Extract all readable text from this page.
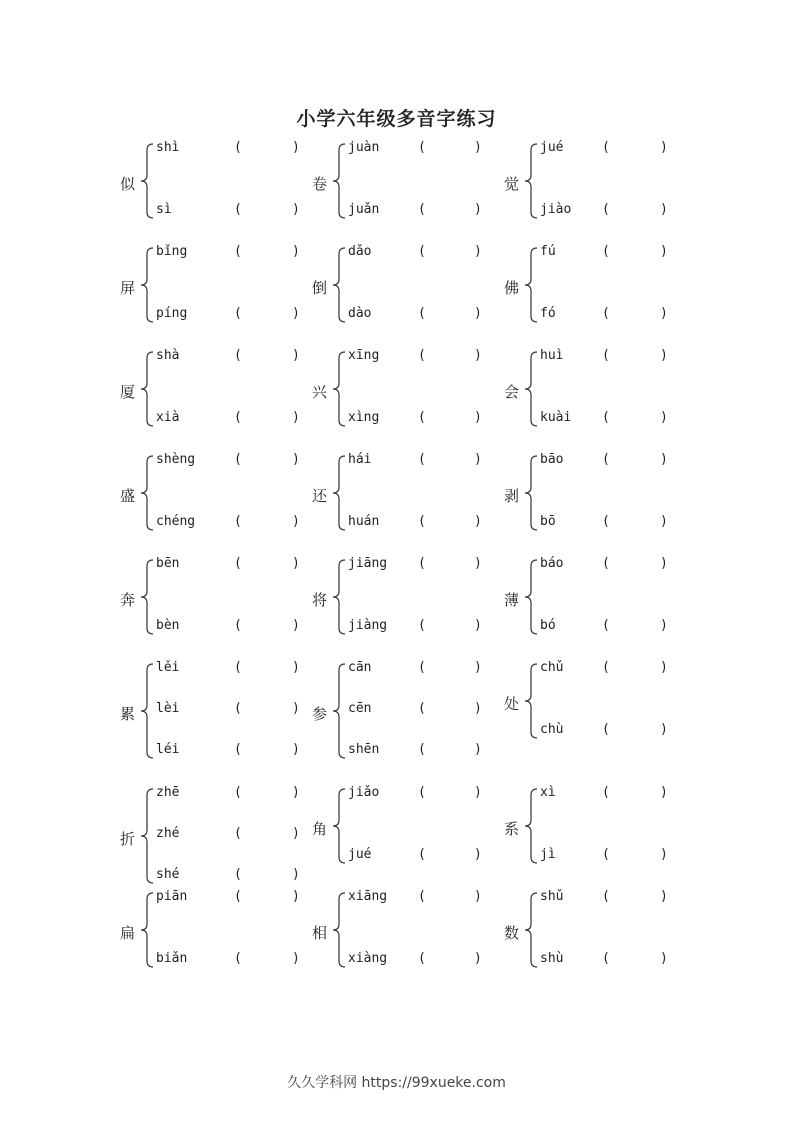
小学六年级多音字练习
似
shì	(	)
sì	(	)
卷
juàn	(	)
juǎn	(	)
觉
jué	(	)
jiào (	)
屏
bǐng	(	)
píng	(	)
倒
dǎo	(	)
dào	(	)
佛
fú	(	)
fó	(	)
厦
shà	(	)
xià	(	)
兴
xīng	(	)
xìng	(	)
会
huì	(	)
kuài (	)
盛
shèng	(	)
chéng	(	)
还
hái	(	)
huán	(	)
剥
bāo	(	)
bō	(	)
奔
bēn	(	)
bèn	(	)
将
jiāng (	)
jiàng (	)
薄
báo	(	)
bó	(	)
累
lěi	(	)
lèi	(	)
léi	(	)
参
cān	(	)
cēn	(	)
shēn	(	)
处
chǔ	(	)
chù	(	)
折
zhē	(	)
zhé	(	)
shé	(	)
角
jiǎo	(	)
jué	(	)
系
xì	(	)
jì	(	)
扁
piān	(	)
biǎn	(	)
相
xiāng (	)
xiàng (	)
数
shǔ	(	)
shù	(	)
久久学科网 https://99xueke.com
